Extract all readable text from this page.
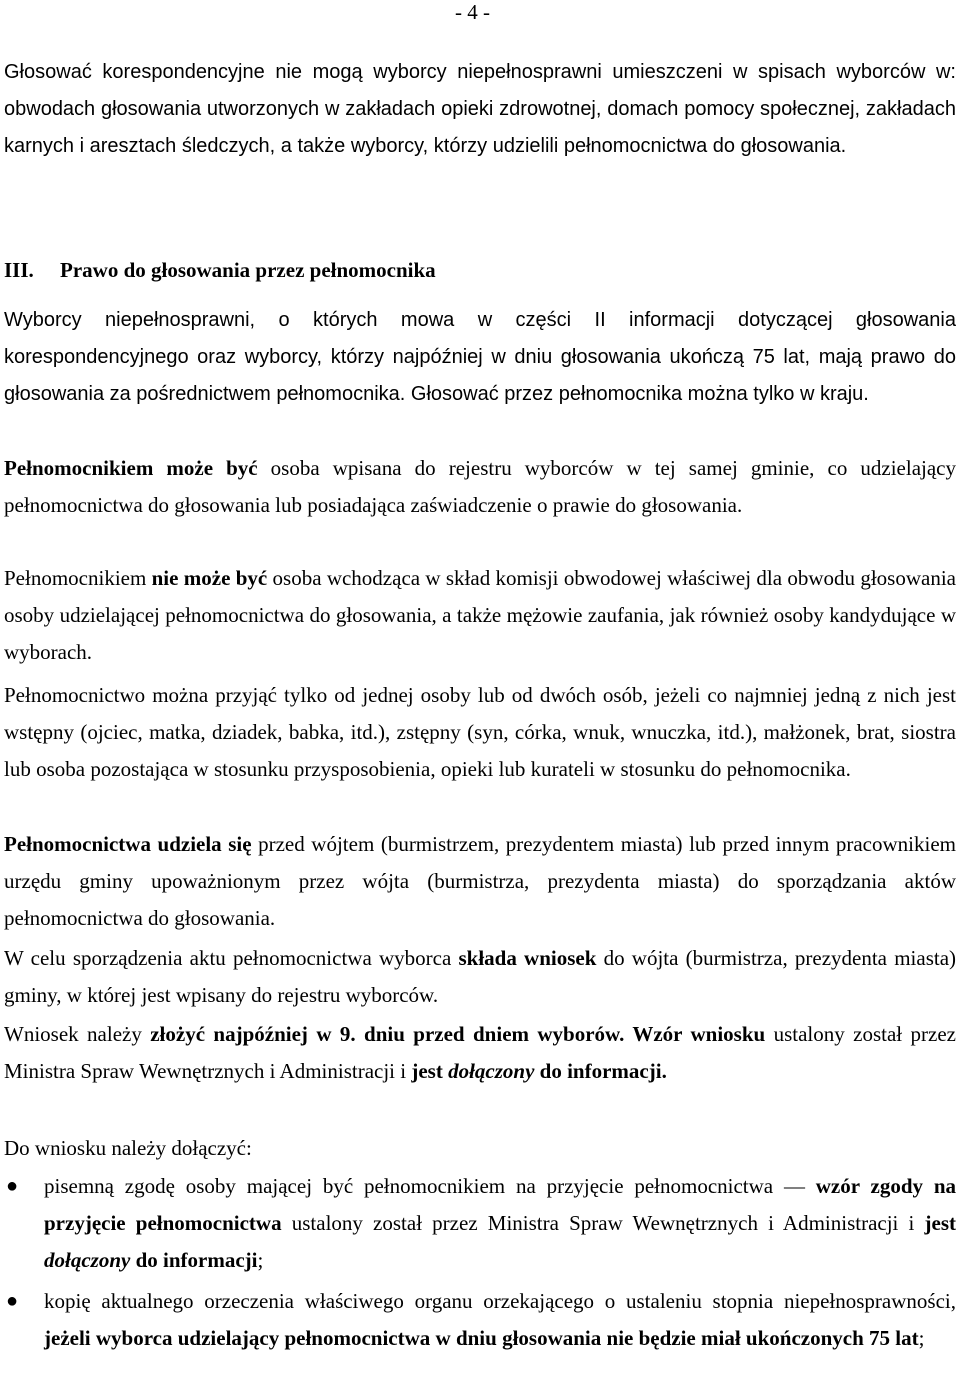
- 4 -

Głosować korespondencyjne nie mogą wyborcy niepełnosprawni umieszczeni w spisach wyborców w: obwodach głosowania utworzonych w zakładach opieki zdrowotnej, domach pomocy społecznej, zakładach karnych i aresztach śledczych, a także wyborcy, którzy udzielili pełnomocnictwa do głosowania.

III. Prawo do głosowania przez pełnomocnika

Wyborcy niepełnosprawni, o których mowa w części II informacji dotyczącej głosowania korespondencyjnego oraz wyborcy, którzy najpóźniej w dniu głosowania ukończą 75 lat, mają prawo do głosowania za pośrednictwem pełnomocnika. Głosować przez pełnomocnika można tylko w kraju.

Pełnomocnikiem może być osoba wpisana do rejestru wyborców w tej samej gminie, co udzielający pełnomocnictwa do głosowania lub posiadająca zaświadczenie o prawie do głosowania.

Pełnomocnikiem nie może być osoba wchodząca w skład komisji obwodowej właściwej dla obwodu głosowania osoby udzielającej pełnomocnictwa do głosowania, a także mężowie zaufania, jak również osoby kandydujące w wyborach.

Pełnomocnictwo można przyjąć tylko od jednej osoby lub od dwóch osób, jeżeli co najmniej jedną z nich jest wstępny (ojciec, matka, dziadek, babka, itd.), zstępny (syn, córka, wnuk, wnuczka, itd.), małżonek, brat, siostra lub osoba pozostająca w stosunku przysposobienia, opieki lub kurateli w stosunku do pełnomocnika.

Pełnomocnictwa udziela się przed wójtem (burmistrzem, prezydentem miasta) lub przed innym pracownikiem urzędu gminy upoważnionym przez wójta (burmistrza, prezydenta miasta) do sporządzania aktów pełnomocnictwa do głosowania.

W celu sporządzenia aktu pełnomocnictwa wyborca składa wniosek do wójta (burmistrza, prezydenta miasta) gminy, w której jest wpisany do rejestru wyborców.

Wniosek należy złożyć najpóźniej w 9. dniu przed dniem wyborów. Wzór wniosku ustalony został przez Ministra Spraw Wewnętrznych i Administracji i jest dołączony do informacji.

Do wniosku należy dołączyć:

● pisemną zgodę osoby mającej być pełnomocnikiem na przyjęcie pełnomocnictwa — wzór zgody na przyjęcie pełnomocnictwa ustalony został przez Ministra Spraw Wewnętrznych i Administracji i jest dołączony do informacji;
● kopię aktualnego orzeczenia właściwego organu orzekającego o ustaleniu stopnia niepełnosprawności, jeżeli wyborca udzielający pełnomocnictwa w dniu głosowania nie będzie miał ukończonych 75 lat;
